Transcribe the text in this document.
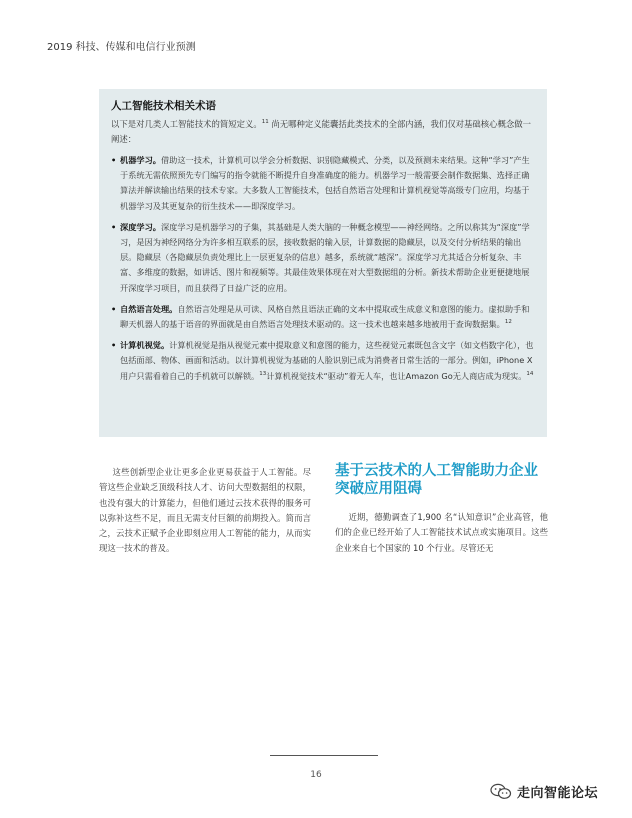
2019 科技、传媒和电信行业预测
人工智能技术相关术语
以下是对几类人工智能技术的简短定义。$^{11}$ 尚无哪种定义能囊括此类技术的全部内涵，我们仅对基础核心概念做一阐述：
• 机器学习。借助这一技术，计算机可以学会分析数据、识别隐藏模式、分类，以及预测未来结果。这种“学习”产生于系统无需依照预先专门编写的指令就能不断提升自身准确度的能力。机器学习一般需要会制作数据集、选择正确算法并解读输出结果的技术专家。大多数人工智能技术，包括自然语言处理和计算机视觉等高级专门应用，均基于机器学习及其更复杂的衍生技术——即深度学习。
• 深度学习。深度学习是机器学习的子集，其基础是人类大脑的一种概念模型——神经网络。之所以称其为“深度”学习，是因为神经网络分为许多相互联系的层，接收数据的输入层，计算数据的隐藏层，以及交付分析结果的输出层。隐藏层（各隐藏层负责处理比上一层更复杂的信息）越多，系统就“越深”。深度学习尤其适合分析复杂、丰富、多维度的数据，如讲话、图片和视频等。其最佳效果体现在对大型数据组的分析。新技术帮助企业更便捷地展开深度学习项目，而且获得了日益广泛的应用。
• 自然语言处理。自然语言处理是从可读、风格自然且语法正确的文本中提取或生成意义和意图的能力。虚拟助手和聊天机器人的基于语音的界面就是由自然语言处理技术驱动的。这一技术也越来越多地被用于查询数据集。$^{12}$
• 计算机视觉。计算机视觉是指从视觉元素中提取意义和意图的能力，这些视觉元素既包含文字（如文档数字化），也包括面部、物体、画面和活动。以计算机视觉为基础的人脸识别已成为消费者日常生活的一部分。例如，iPhone X用户只需看着自己的手机就可以解锁。$^{13}$计算机视觉技术“驱动”着无人车，也让Amazon Go无人商店成为现实。$^{14}$
这些创新型企业让更多企业更易获益于人工智能。尽管这些企业缺乏顶级科技人才、访问大型数据组的权限，也没有强大的计算能力，但他们通过云技术获得的服务可以弥补这些不足，而且无需支付巨额的前期投入。简而言之，云技术正赋予企业即刻应用人工智能的能力，从而实现这一技术的普及。
基于云技术的人工智能助力企业突破应用阻碍
近期，德勤调查了1,900 名“认知意识”企业高管，他们的企业已经开始了人工智能技术试点或实施项目。这些企业来自七个国家的 10 个行业。尽管还无
16
走向智能论坛
